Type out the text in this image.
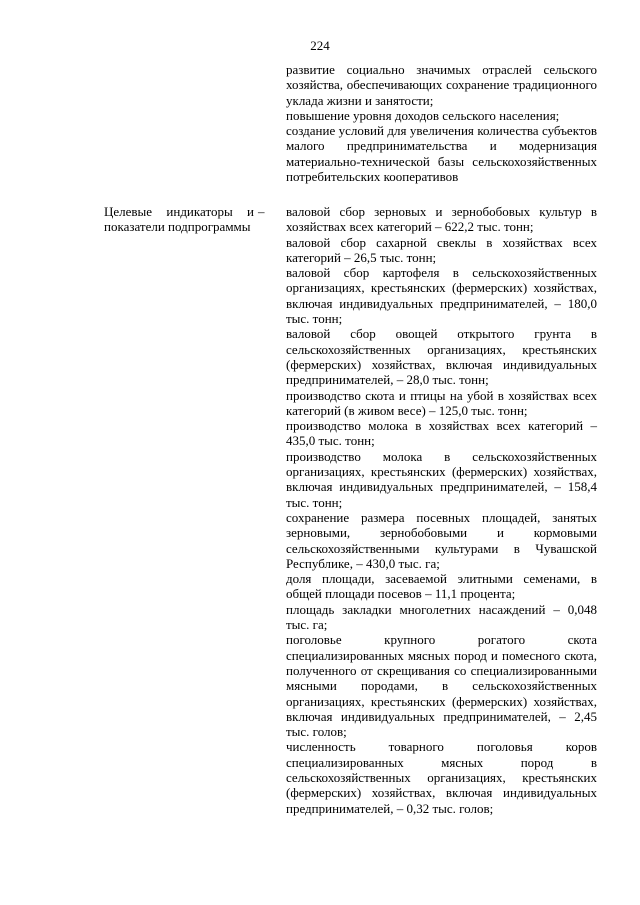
224

развитие социально значимых отраслей сельского хозяйства, обеспечивающих сохранение традиционного уклада жизни и занятости;

повышение уровня доходов сельского населения;

создание условий для увеличения количества субъектов малого предпринимательства и модернизация материально-технической базы сельскохозяйственных потребительских кооперативов

Целевые индикаторы и показатели подпрограммы
– валовой сбор зерновых и зернобобовых культур в хозяйствах всех категорий – 622,2 тыс. тонн;

валовой сбор сахарной свеклы в хозяйствах всех категорий – 26,5 тыс. тонн;

валовой сбор картофеля в сельскохозяйственных организациях, крестьянских (фермерских) хозяйствах, включая индивидуальных предпринимателей, – 180,0 тыс. тонн;

валовой сбор овощей открытого грунта в сельскохозяйственных организациях, крестьянских (фермерских) хозяйствах, включая индивидуальных предпринимателей, – 28,0 тыс. тонн;

производство скота и птицы на убой в хозяйствах всех категорий (в живом весе) – 125,0 тыс. тонн;

производство молока в хозяйствах всех категорий – 435,0 тыс. тонн;

производство молока в сельскохозяйственных организациях, крестьянских (фермерских) хозяйствах, включая индивидуальных предпринимателей, – 158,4 тыс. тонн;

сохранение размера посевных площадей, занятых зерновыми, зернобобовыми и кормовыми сельскохозяйственными культурами в Чувашской Республике, – 430,0 тыс. га;

доля площади, засеваемой элитными семенами, в общей площади посевов – 11,1 процента;

площадь закладки многолетних насаждений – 0,048 тыс. га;

поголовье крупного рогатого скота специализированных мясных пород и помесного скота, полученного от скрещивания со специализированными мясными породами, в сельскохозяйственных организациях, крестьянских (фермерских) хозяйствах, включая индивидуальных предпринимателей, – 2,45 тыс. голов;

численность товарного поголовья коров специализированных мясных пород в сельскохозяйственных организациях, крестьянских (фермерских) хозяйствах, включая индивидуальных предпринимателей, – 0,32 тыс. голов;
